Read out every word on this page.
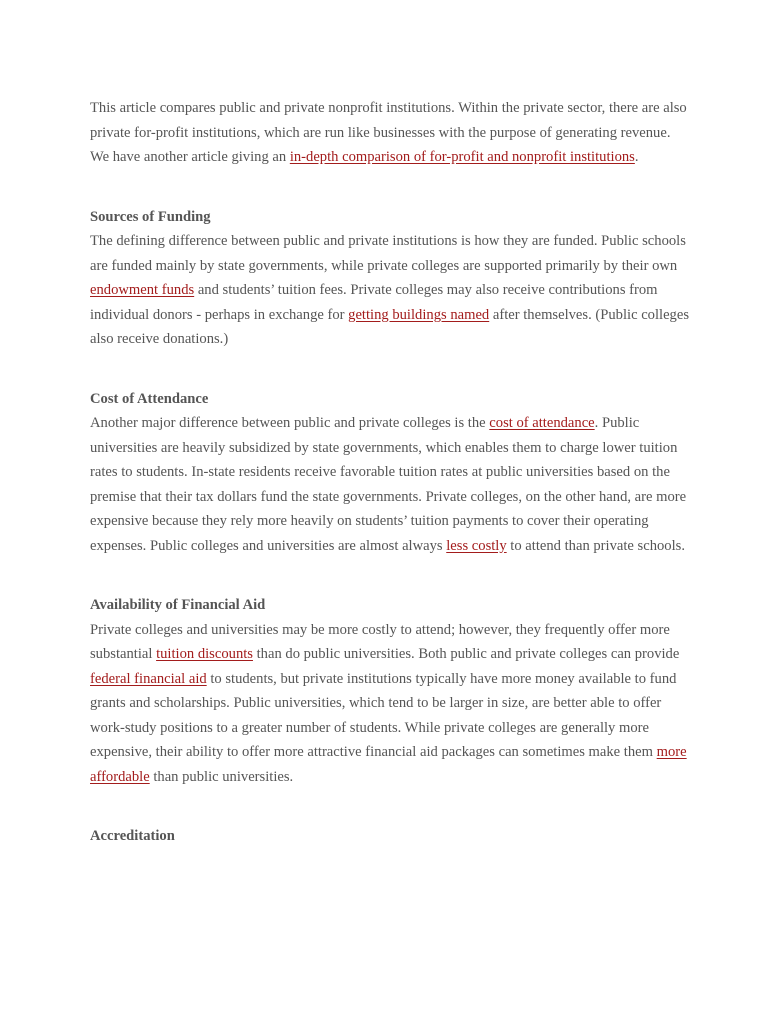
This article compares public and private nonprofit institutions. Within the private sector, there are also private for-profit institutions, which are run like businesses with the purpose of generating revenue. We have another article giving an in-depth comparison of for-profit and nonprofit institutions.

Sources of Funding

The defining difference between public and private institutions is how they are funded. Public schools are funded mainly by state governments, while private colleges are supported primarily by their own endowment funds and students’ tuition fees. Private colleges may also receive contributions from individual donors - perhaps in exchange for getting buildings named after themselves. (Public colleges also receive donations.)

Cost of Attendance

Another major difference between public and private colleges is the cost of attendance. Public universities are heavily subsidized by state governments, which enables them to charge lower tuition rates to students. In-state residents receive favorable tuition rates at public universities based on the premise that their tax dollars fund the state governments. Private colleges, on the other hand, are more expensive because they rely more heavily on students’ tuition payments to cover their operating expenses. Public colleges and universities are almost always less costly to attend than private schools.

Availability of Financial Aid

Private colleges and universities may be more costly to attend; however, they frequently offer more substantial tuition discounts than do public universities. Both public and private colleges can provide federal financial aid to students, but private institutions typically have more money available to fund grants and scholarships. Public universities, which tend to be larger in size, are better able to offer work-study positions to a greater number of students. While private colleges are generally more expensive, their ability to offer more attractive financial aid packages can sometimes make them more affordable than public universities.

Accreditation
